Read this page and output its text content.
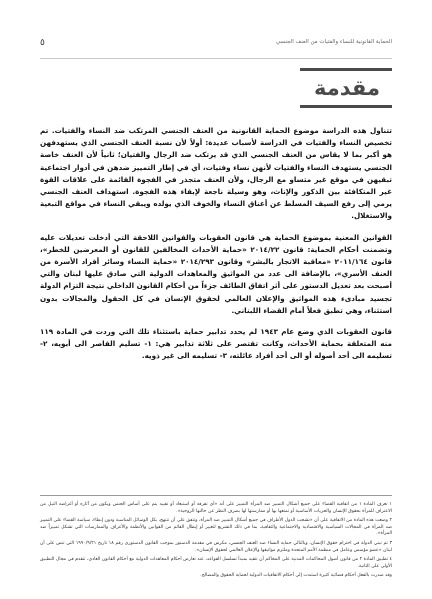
٥	الحماية القانونية للنساء والفتيات من العنف الجنسي
مقدمة

تتناول هذه الدراسة موضوع الحماية القانونية من العنف الجنسي المرتكب ضد النساء والفتيات. تم تخصيص النساء والفتيات في الدراسة لأسباب عديدة: أولاً لأن نسبة العنف الجنسي الذي يستهدفهن هو أكبر بما لا يقاس من العنف الجنسي الذي قد يرتكب ضد الرجال والفتيان؛ ثانياً لأن العنف خاصة الجنسي يستهدف النساء والفتيات لأنهن نساء وفتيات، أي في إطار التمييز ضدهن في أدوار اجتماعية تبقيهن في موقع غير متساو مع الرجال، ولأن العنف متجذر في الفجوة القائمة على علاقات القوة غير المتكافئة بين الذكور والإناث، وهو وسيلة ناجعة لإبقاء هذه الفجوة. استهداف العنف الجنسي يرمي إلى رفع السيف المسلط عن أعناق النساء والخوف الذي يولده ويبقي النساء في مواقع التبعية والاستغلال.

القوانين المعنية بموضوع الحماية هي قانون العقوبات والقوانين اللاحقة التي أدخلت تعديلات عليه وتضمنت أحكام الحماية: قانون ٢٠١٤/٢٢ «حماية الأحداث المخالفين للقانون أو المعرضين للخطر»، قانون ٢٠١١/١٦٤ «معاقبة الاتجار بالبشر» وقانون ٢٠١٤/٢٩٣ «حماية النساء وسائر أفراد الأسرة من العنف الأسري»، بالإضافة الى عدد من المواثيق والمعاهدات الدولية التي صادق عليها لبنان والتي أصبحت بعد تعديل الدستور على أثر اتفاق الطائف جزءاً من أحكام القانون الداخلي نتيجة التزام الدولة تجسيد مبادىء هذه المواثيق والإعلان العالمي لحقوق الإنسان في كل الحقول والمجالات بدون استثناء، وهي تطبق فعلاً أمام القضاء اللبناني.

قانون العقوبات الذي وضع عام ١٩٤٣ لم يحدد تدابير حماية باستثناء تلك التي وردت في المادة ١١٩ منه المتعلقة بحماية الأحداث، وكانت تقتصر على ثلاثة تدابير هي: ١- تسليم القاصر الى أبويه، ٢- تسليمه الى أحد أصوله أو الى أحد أفراد عائلته، ٣- تسليمه الى غير ذويه.

١ تعرف المادة ١ من اتفاقية القضاء على جميع أشكال التمييز ضد المرأة التمييز على أنه «أي تفرقة أو استبعاد أو تقييد يتم على أساس الجنس ويكون من آثاره أو أغراضه النيل من الاعتراف للمرأة بحقوق الإنسان والحريات الأساسية أو تمتعها بها أو ممارستها لها بصرف النظر عن حالتها الزوجية».

٢ وضعت هذه المادة من الاتفاقية على أن «تشجب الدول الأطراف في جميع أشكال التمييز ضد المرأة، وتتفق على أن تنتهج، بكل الوسائل المناسبة ودون إبطاء، سياسة القضاء على التمييز ضد المرأة في المجالات السياسية والاقتصادية والاجتماعية والثقافية، بما في ذلك التشريع لتغيير أو إبطال القائم من القوانين والأنظمة والأعراف والممارسات التي تشكل تمييزاً ضد المرأة».

٣ تم تبني الدولة في احترام حقوق الإنسان، وبالتالي حماية النساء ضد العنف الجنسي، مكرس في مقدمة الدستور بموجب القانون الدستوري رقم ١٨ تاريخ ١٩٩٠/٩/٢١ التي تنص على أن لبنان «عضو مؤسس وعامل في منظمة الأمم المتحدة وملتزم مواثيقها والإعلان العالمي لحقوق الإنسان».

٤ تطبيق المادة ٢ من قانون أصول المحاكمات المدنية على المحاكم أن تتقيد بمبدأ تسلسل القواعد، عند تعارض أحكام المعاهدات الدولية مع أحكام القانون العادي، تتقدم في مجال التطبيق الأولى على الثانية.

وقد صدرت بالفعل أحكام قضائية كثيرة استندت إلى أحكام الاتفاقيات الدولية لحماية الحقوق والمصالح.
